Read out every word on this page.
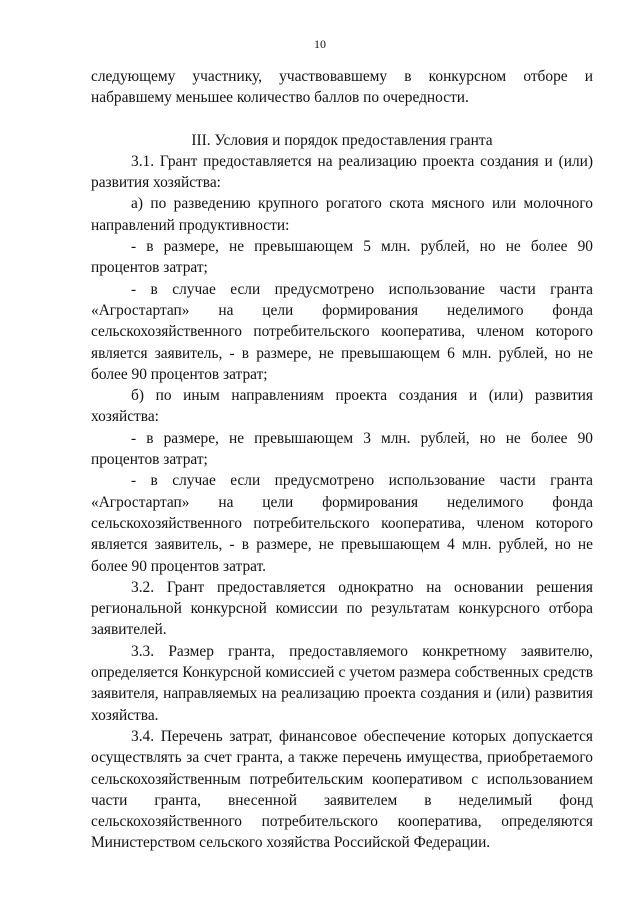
10

следующему участнику, участвовавшему в конкурсном отборе и набравшему меньшее количество баллов по очередности.

III. Условия и порядок предоставления гранта

3.1. Грант предоставляется на реализацию проекта создания и (или) развития хозяйства:

а) по разведению крупного рогатого скота мясного или молочного направлений продуктивности:

- в размере, не превышающем 5 млн. рублей, но не более 90 процентов затрат;

- в случае если предусмотрено использование части гранта «Агростартап» на цели формирования неделимого фонда сельскохозяйственного потребительского кооператива, членом которого является заявитель, - в размере, не превышающем 6 млн. рублей, но не более 90 процентов затрат;

б) по иным направлениям проекта создания и (или) развития хозяйства:

- в размере, не превышающем 3 млн. рублей, но не более 90 процентов затрат;

- в случае если предусмотрено использование части гранта «Агростартап» на цели формирования неделимого фонда сельскохозяйственного потребительского кооператива, членом которого является заявитель, - в размере, не превышающем 4 млн. рублей, но не более 90 процентов затрат.

3.2. Грант предоставляется однократно на основании решения региональной конкурсной комиссии по результатам конкурсного отбора заявителей.

3.3. Размер гранта, предоставляемого конкретному заявителю, определяется Конкурсной комиссией с учетом размера собственных средств заявителя, направляемых на реализацию проекта создания и (или) развития хозяйства.

3.4. Перечень затрат, финансовое обеспечение которых допускается осуществлять за счет гранта, а также перечень имущества, приобретаемого сельскохозяйственным потребительским кооперативом с использованием части гранта, внесенной заявителем в неделимый фонд сельскохозяйственного потребительского кооператива, определяются Министерством сельского хозяйства Российской Федерации.
